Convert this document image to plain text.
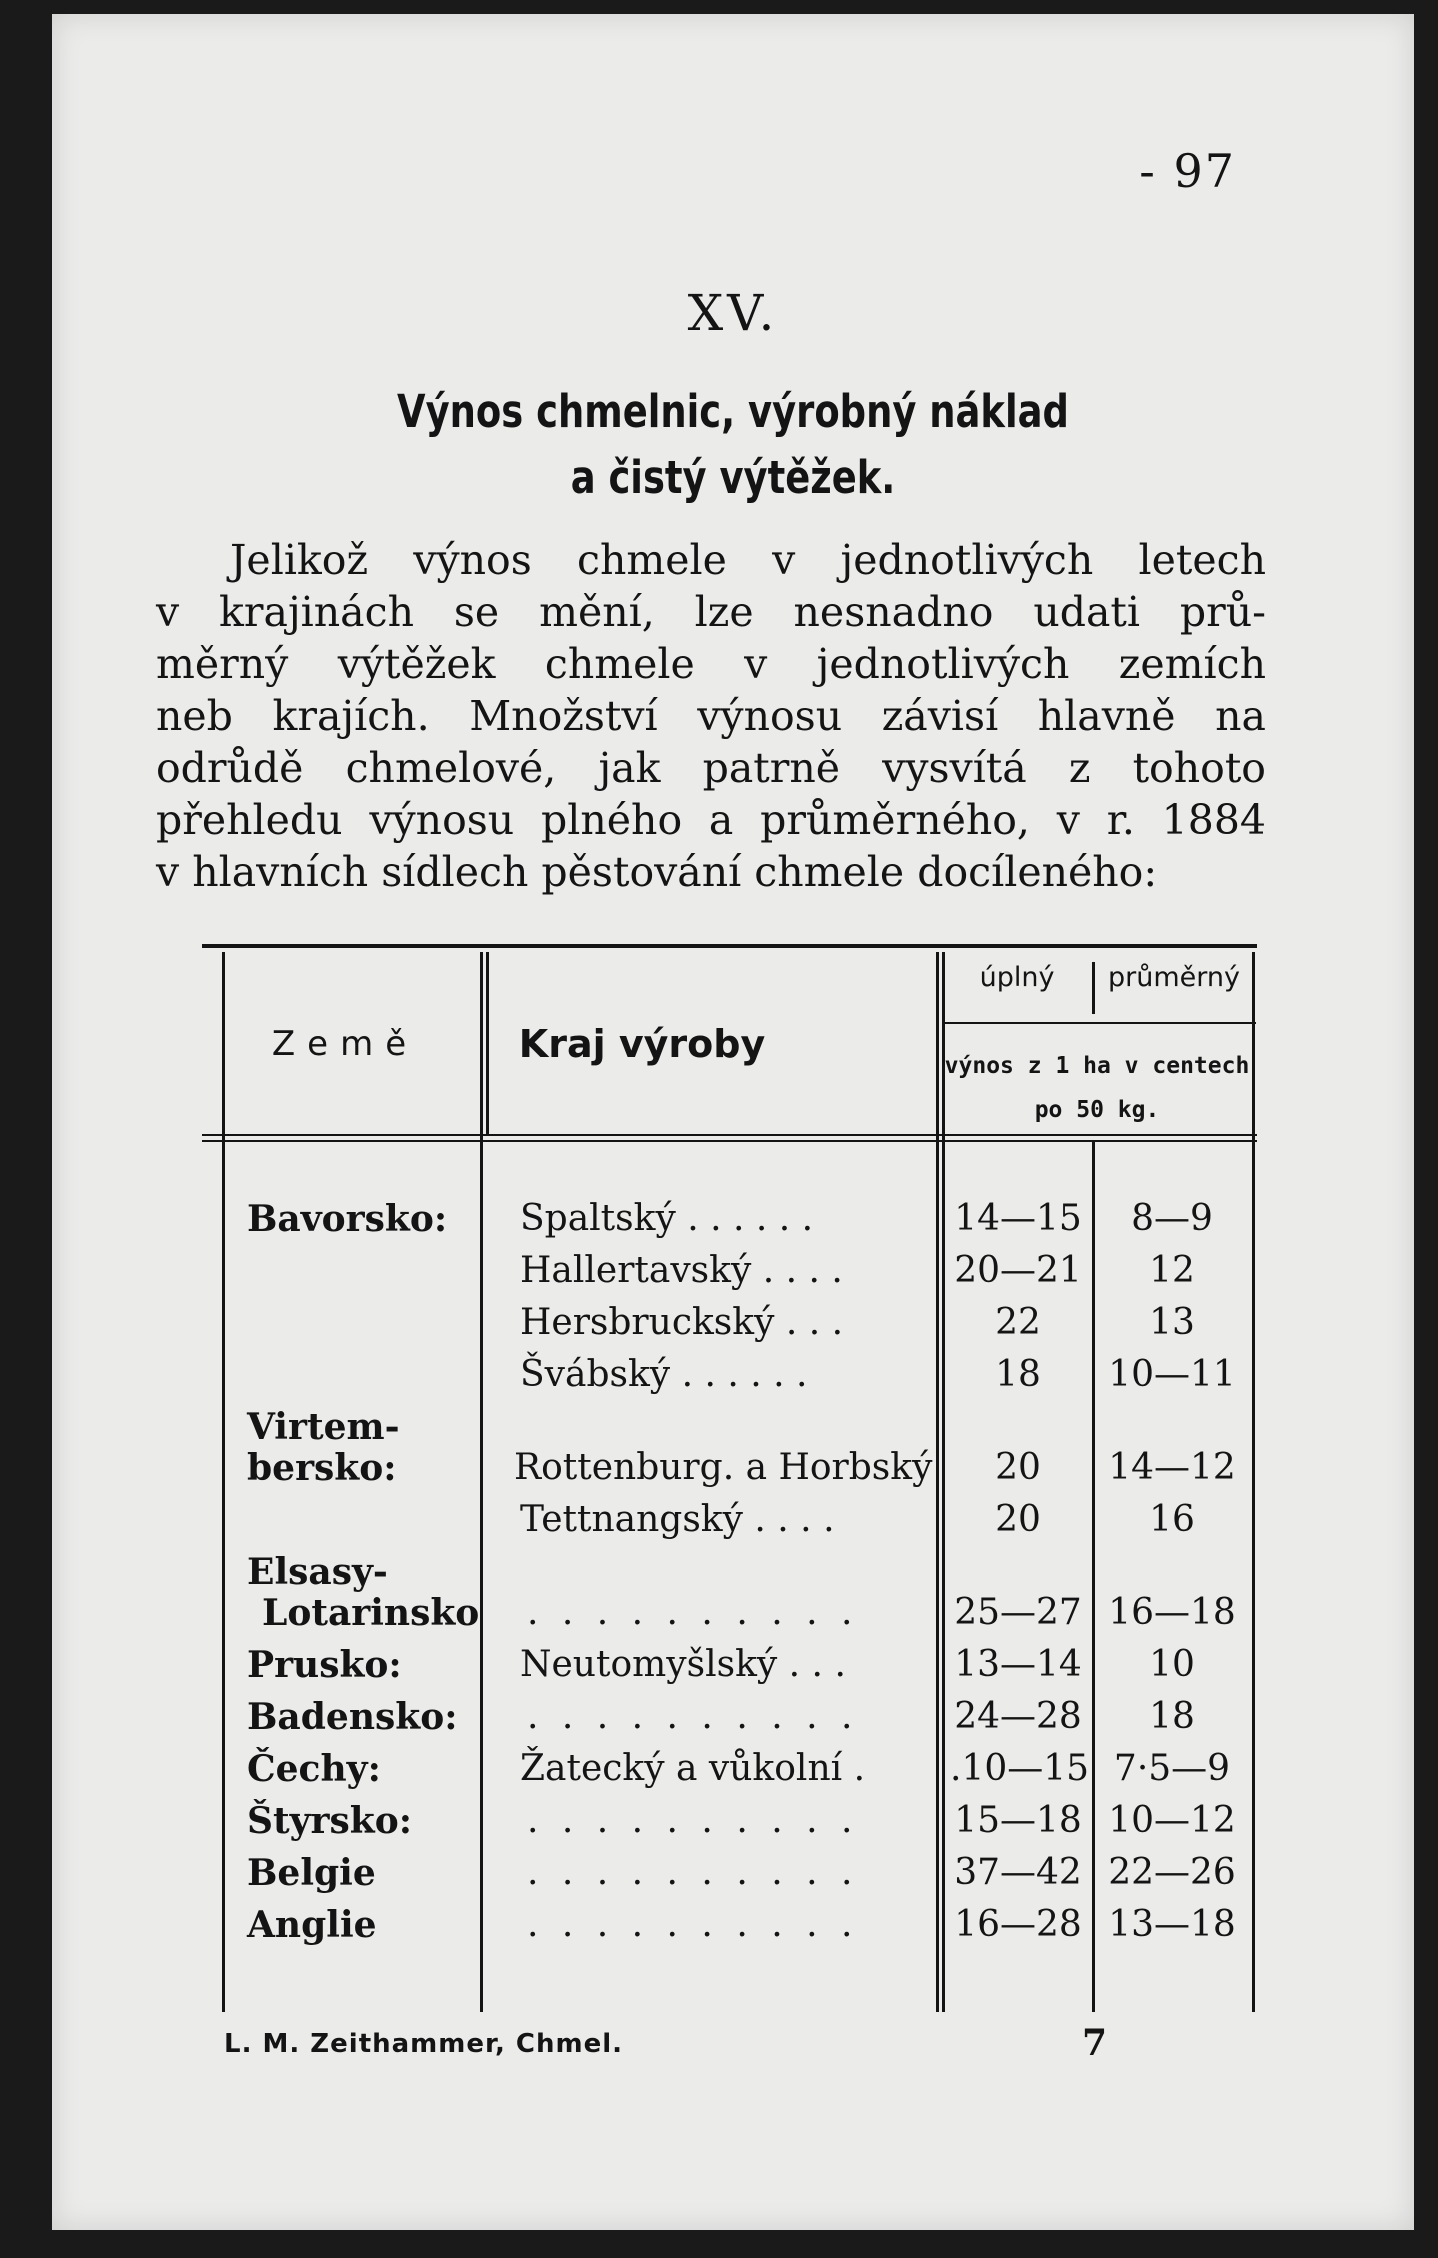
- 97
XV.
Výnos chmelnic, výrobný náklad
a čistý výtěžek.
Jelikož výnos chmele v jednotlivých letech
v krajinách se mění, lze nesnadno udati prů-
měrný výtěžek chmele v jednotlivých zemích
neb krajích. Množství výnosu závisí hlavně na
odrůdě chmelové, jak patrně vysvítá z tohoto
přehledu výnosu plného a průměrného, v r. 1884
v hlavních sídlech pěstování chmele docíleného:
Země	Kraj výroby
úplný	průměrný
výnos z 1 ha v centech
po 50 kg.
Bavorsko: Spaltský . . . . . .	14—15	8—9
Hallertavský . . . .	20—21	12
Hersbruckský . . .	22	13
Švábský . . . . . .	18	10—11
Virtem-
bersko:	Rottenburg. a Horbský	20	14—12
Tettnangský . . . .	20	16
Elsasy-
Lotarinsko . . . . . . . . . .	25—27 16—18
Prusko:	Neutomyšlský . . .	13—14	10
Badensko: . . . . . . . . . .	24—28	18
Čechy:	Žatecký a vůkolní . .10—15 7·5—9
Štyrsko:	. . . . . . . . . .	15—18 10—12
Belgie	. . . . . . . . . .	37—42 22—26
Anglie	. . . . . . . . . .	16—28 13—18
L. M. Zeithammer, Chmel.	7
